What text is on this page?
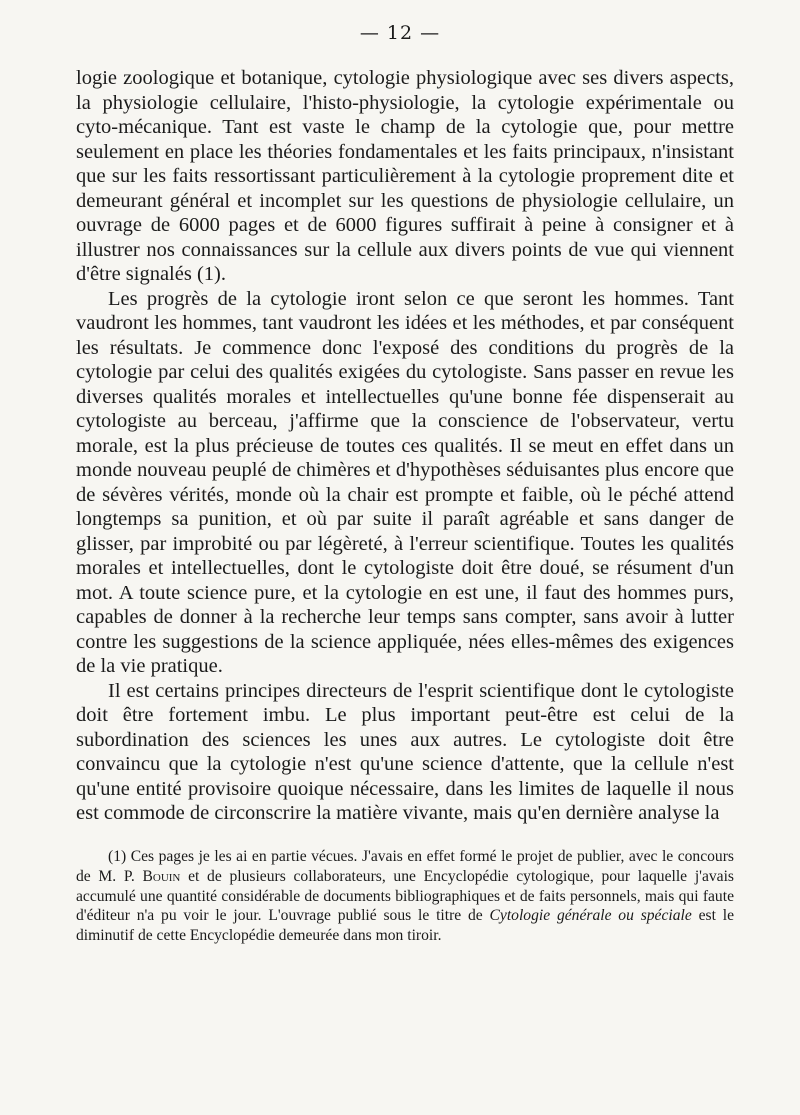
— 12 —

logie zoologique et botanique, cytologie physiologique avec ses divers aspects, la physiologie cellulaire, l'histo-physiologie, la cytologie expérimentale ou cyto-mécanique. Tant est vaste le champ de la cytologie que, pour mettre seulement en place les théories fondamentales et les faits principaux, n'insistant que sur les faits ressortissant particulièrement à la cytologie proprement dite et demeurant général et incomplet sur les questions de physiologie cellulaire, un ouvrage de 6000 pages et de 6000 figures suffirait à peine à consigner et à illustrer nos connaissances sur la cellule aux divers points de vue qui viennent d'être signalés (1).

Les progrès de la cytologie iront selon ce que seront les hommes. Tant vaudront les hommes, tant vaudront les idées et les méthodes, et par conséquent les résultats. Je commence donc l'exposé des conditions du progrès de la cytologie par celui des qualités exigées du cytologiste. Sans passer en revue les diverses qualités morales et intellectuelles qu'une bonne fée dispenserait au cytologiste au berceau, j'affirme que la conscience de l'observateur, vertu morale, est la plus précieuse de toutes ces qualités. Il se meut en effet dans un monde nouveau peuplé de chimères et d'hypothèses séduisantes plus encore que de sévères vérités, monde où la chair est prompte et faible, où le péché attend longtemps sa punition, et où par suite il paraît agréable et sans danger de glisser, par improbité ou par légèreté, à l'erreur scientifique. Toutes les qualités morales et intellectuelles, dont le cytologiste doit être doué, se résument d'un mot. A toute science pure, et la cytologie en est une, il faut des hommes purs, capables de donner à la recherche leur temps sans compter, sans avoir à lutter contre les suggestions de la science appliquée, nées elles-mêmes des exigences de la vie pratique.

Il est certains principes directeurs de l'esprit scientifique dont le cytologiste doit être fortement imbu. Le plus important peut-être est celui de la subordination des sciences les unes aux autres. Le cytologiste doit être convaincu que la cytologie n'est qu'une science d'attente, que la cellule n'est qu'une entité provisoire quoique nécessaire, dans les limites de laquelle il nous est commode de circonscrire la matière vivante, mais qu'en dernière analyse la

(1) Ces pages je les ai en partie vécues. J'avais en effet formé le projet de publier, avec le concours de M. P. Bouin et de plusieurs collaborateurs, une Encyclopédie cytologique, pour laquelle j'avais accumulé une quantité considérable de documents bibliographiques et de faits personnels, mais qui faute d'éditeur n'a pu voir le jour. L'ouvrage publié sous le titre de Cytologie générale ou spéciale est le diminutif de cette Encyclopédie demeurée dans mon tiroir.
